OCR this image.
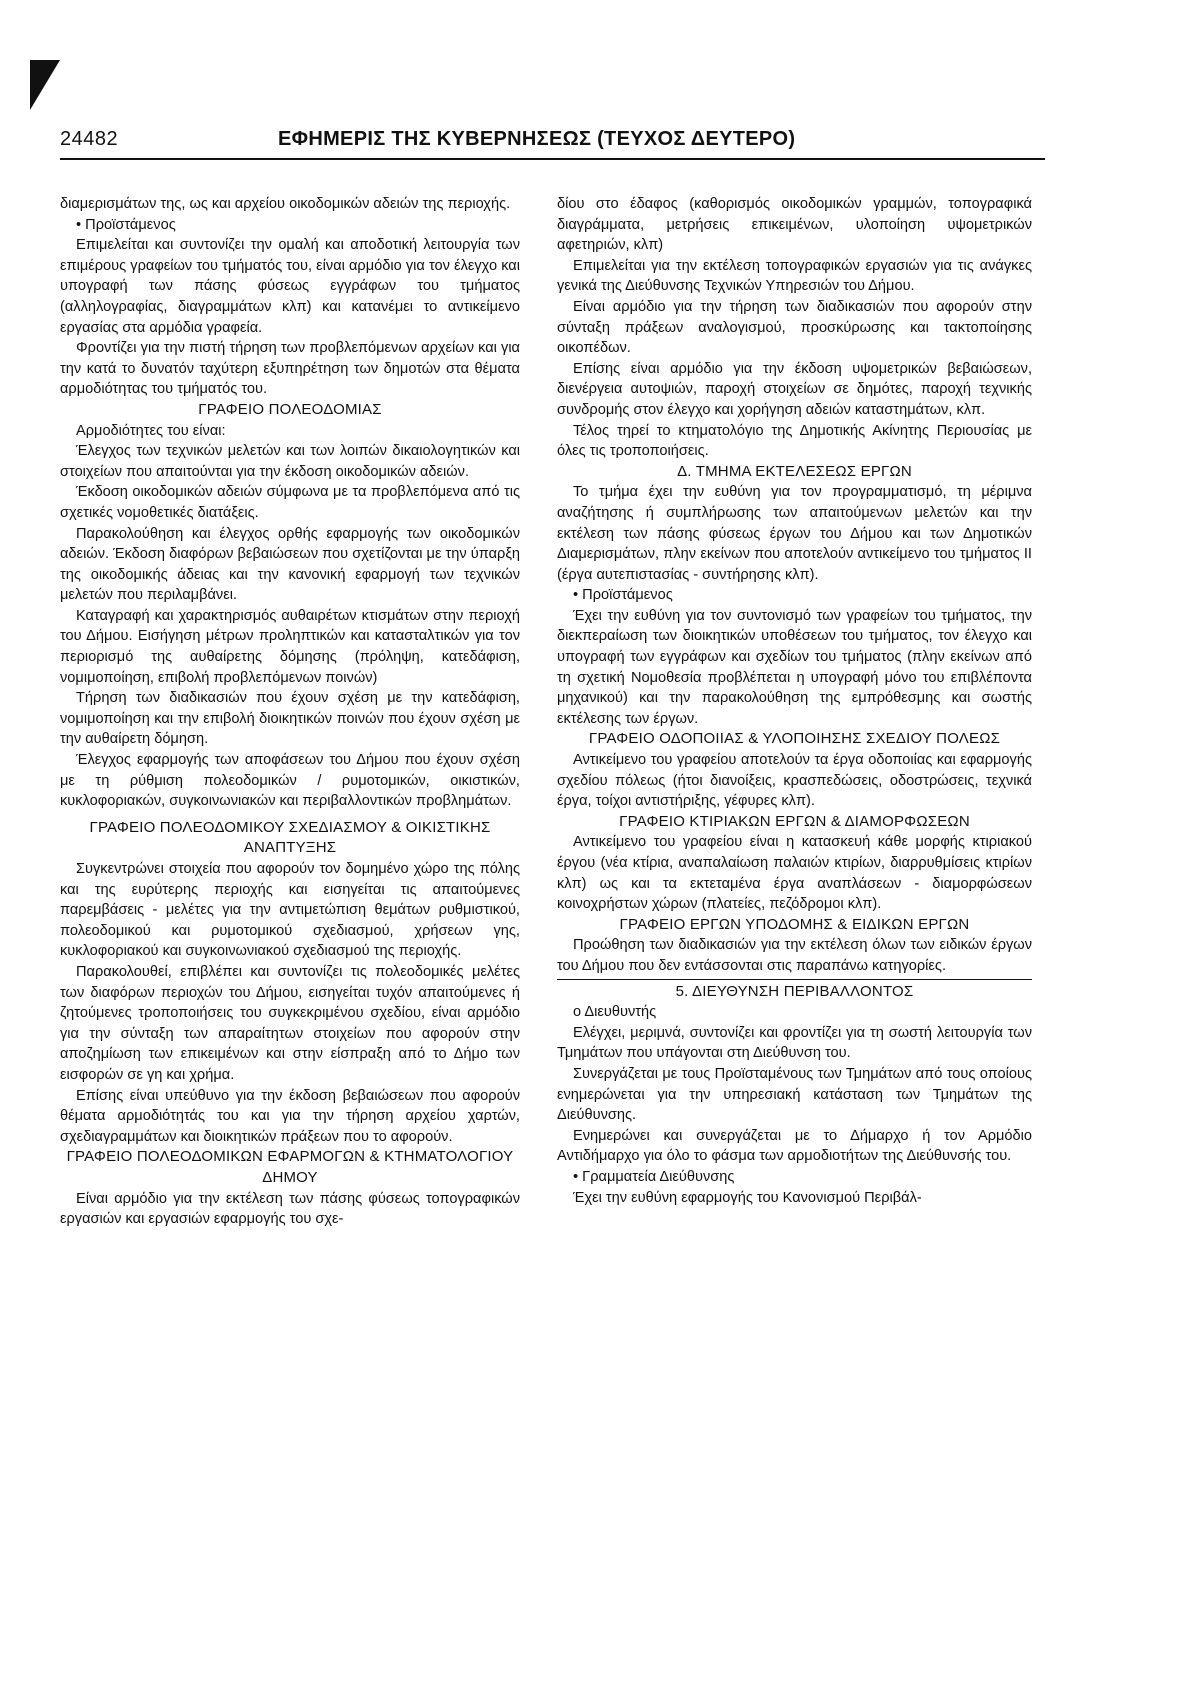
24482	ΕΦΗΜΕΡΙΣ ΤΗΣ ΚΥΒΕΡΝΗΣΕΩΣ (ΤΕΥΧΟΣ ΔΕΥΤΕΡΟ)

διαμερισμάτων της, ως και αρχείου οικοδομικών αδειών της περιοχής.

• Προϊστάμενος

Επιμελείται και συντονίζει την ομαλή και αποδοτική λειτουργία των επιμέρους γραφείων του τμήματός του, είναι αρμόδιο για τον έλεγχο και υπογραφή των πάσης φύσεως εγγράφων του τμήματος (αλληλογραφίας, διαγραμμάτων κλπ) και κατανέμει το αντικείμενο εργασίας στα αρμόδια γραφεία.

Φροντίζει για την πιστή τήρηση των προβλεπόμενων αρχείων και για την κατά το δυνατόν ταχύτερη εξυπηρέτηση των δημοτών στα θέματα αρμοδιότητας του τμήματός του.

ΓΡΑΦΕΙΟ ΠΟΛΕΟΔΟΜΙΑΣ

Αρμοδιότητες του είναι:

Έλεγχος των τεχνικών μελετών και των λοιπών δικαιολογητικών και στοιχείων που απαιτούνται για την έκδοση οικοδομικών αδειών.

Έκδοση οικοδομικών αδειών σύμφωνα με τα προβλεπόμενα από τις σχετικές νομοθετικές διατάξεις.

Παρακολούθηση και έλεγχος ορθής εφαρμογής των οικοδομικών αδειών. Έκδοση διαφόρων βεβαιώσεων που σχετίζονται με την ύπαρξη της οικοδομικής άδειας και την κανονική εφαρμογή των τεχνικών μελετών που περιλαμβάνει.

Καταγραφή και χαρακτηρισμός αυθαιρέτων κτισμάτων στην περιοχή του Δήμου. Εισήγηση μέτρων προληπτικών και κατασταλτικών για τον περιορισμό της αυθαίρετης δόμησης (πρόληψη, κατεδάφιση, νομιμοποίηση, επιβολή προβλεπόμενων ποινών)

Τήρηση των διαδικασιών που έχουν σχέση με την κατεδάφιση, νομιμοποίηση και την επιβολή διοικητικών ποινών που έχουν σχέση με την αυθαίρετη δόμηση.

Έλεγχος εφαρμογής των αποφάσεων του Δήμου που έχουν σχέση με τη ρύθμιση πολεοδομικών / ρυμοτομικών, οικιστικών, κυκλοφοριακών, συγκοινωνιακών και περιβαλλοντικών προβλημάτων.

ΓΡΑΦΕΙΟ ΠΟΛΕΟΔΟΜΙΚΟΥ ΣΧΕΔΙΑΣΜΟΥ & ΟΙΚΙΣΤΙΚΗΣ ΑΝΑΠΤΥΞΗΣ

Συγκεντρώνει στοιχεία που αφορούν τον δομημένο χώρο της πόλης και της ευρύτερης περιοχής και εισηγείται τις απαιτούμενες παρεμβάσεις - μελέτες για την αντιμετώπιση θεμάτων ρυθμιστικού, πολεοδομικού και ρυμοτομικού σχεδιασμού, χρήσεων γης, κυκλοφοριακού και συγκοινωνιακού σχεδιασμού της περιοχής.

Παρακολουθεί, επιβλέπει και συντονίζει τις πολεοδομικές μελέτες των διαφόρων περιοχών του Δήμου, εισηγείται τυχόν απαιτούμενες ή ζητούμενες τροποποιήσεις του συγκεκριμένου σχεδίου, είναι αρμόδιο για την σύνταξη των απαραίτητων στοιχείων που αφορούν στην αποζημίωση των επικειμένων και στην είσπραξη από το Δήμο των εισφορών σε γη και χρήμα.

Επίσης είναι υπεύθυνο για την έκδοση βεβαιώσεων που αφορούν θέματα αρμοδιότητάς του και για την τήρηση αρχείου χαρτών, σχεδιαγραμμάτων και διοικητικών πράξεων που το αφορούν.

ΓΡΑΦΕΙΟ ΠΟΛΕΟΔΟΜΙΚΩΝ ΕΦΑΡΜΟΓΩΝ & ΚΤΗΜΑΤΟΛΟΓΙΟΥ ΔΗΜΟΥ

Είναι αρμόδιο για την εκτέλεση των πάσης φύσεως τοπογραφικών εργασιών και εργασιών εφαρμογής του σχε-

δίου στο έδαφος (καθορισμός οικοδομικών γραμμών, τοπογραφικά διαγράμματα, μετρήσεις επικειμένων, υλοποίηση υψομετρικών αφετηριών, κλπ)

Επιμελείται για την εκτέλεση τοπογραφικών εργασιών για τις ανάγκες γενικά της Διεύθυνσης Τεχνικών Υπηρεσιών του Δήμου.

Είναι αρμόδιο για την τήρηση των διαδικασιών που αφορούν στην σύνταξη πράξεων αναλογισμού, προσκύρωσης και τακτοποίησης οικοπέδων.

Επίσης είναι αρμόδιο για την έκδοση υψομετρικών βεβαιώσεων, διενέργεια αυτοψιών, παροχή στοιχείων σε δημότες, παροχή τεχνικής συνδρομής στον έλεγχο και χορήγηση αδειών καταστημάτων, κλπ.

Τέλος τηρεί το κτηματολόγιο της Δημοτικής Ακίνητης Περιουσίας με όλες τις τροποποιήσεις.

Δ. ΤΜΗΜΑ ΕΚΤΕΛΕΣΕΩΣ ΕΡΓΩΝ

Το τμήμα έχει την ευθύνη για τον προγραμματισμό, τη μέριμνα αναζήτησης ή συμπλήρωσης των απαιτούμενων μελετών και την εκτέλεση των πάσης φύσεως έργων του Δήμου και των Δημοτικών Διαμερισμάτων, πλην εκείνων που αποτελούν αντικείμενο του τμήματος ΙΙ (έργα αυτεπιστασίας - συντήρησης κλπ).

• Προϊστάμενος

Έχει την ευθύνη για τον συντονισμό των γραφείων του τμήματος, την διεκπεραίωση των διοικητικών υποθέσεων του τμήματος, τον έλεγχο και υπογραφή των εγγράφων και σχεδίων του τμήματος (πλην εκείνων από τη σχετική Νομοθεσία προβλέπεται η υπογραφή μόνο του επιβλέποντα μηχανικού) και την παρακολούθηση της εμπρόθεσμης και σωστής εκτέλεσης των έργων.

ΓΡΑΦΕΙΟ ΟΔΟΠΟΙΙΑΣ & ΥΛΟΠΟΙΗΣΗΣ ΣΧΕΔΙΟΥ ΠΟΛΕΩΣ

Αντικείμενο του γραφείου αποτελούν τα έργα οδοποιίας και εφαρμογής σχεδίου πόλεως (ήτοι διανοίξεις, κρασπεδώσεις, οδοστρώσεις, τεχνικά έργα, τοίχοι αντιστήριξης, γέφυρες κλπ).

ΓΡΑΦΕΙΟ ΚΤΙΡΙΑΚΩΝ ΕΡΓΩΝ & ΔΙΑΜΟΡΦΩΣΕΩΝ

Αντικείμενο του γραφείου είναι η κατασκευή κάθε μορφής κτιριακού έργου (νέα κτίρια, αναπαλαίωση παλαιών κτιρίων, διαρρυθμίσεις κτιρίων κλπ) ως και τα εκτεταμένα έργα αναπλάσεων - διαμορφώσεων κοινοχρήστων χώρων (πλατείες, πεζόδρομοι κλπ).

ΓΡΑΦΕΙΟ ΕΡΓΩΝ ΥΠΟΔΟΜΗΣ & ΕΙΔΙΚΩΝ ΕΡΓΩΝ

Προώθηση των διαδικασιών για την εκτέλεση όλων των ειδικών έργων του Δήμου που δεν εντάσσονται στις παραπάνω κατηγορίες.

5. ΔΙΕΥΘΥΝΣΗ ΠΕΡΙΒΑΛΛΟΝΤΟΣ

ο Διευθυντής

Ελέγχει, μεριμνά, συντονίζει και φροντίζει για τη σωστή λειτουργία των Τμημάτων που υπάγονται στη Διεύθυνση του.

Συνεργάζεται με τους Προϊσταμένους των Τμημάτων από τους οποίους ενημερώνεται για την υπηρεσιακή κατάσταση των Τμημάτων της Διεύθυνσης.

Ενημερώνει και συνεργάζεται με το Δήμαρχο ή τον Αρμόδιο Αντιδήμαρχο για όλο το φάσμα των αρμοδιοτήτων της Διεύθυνσής του.

• Γραμματεία Διεύθυνσης

Έχει την ευθύνη εφαρμογής του Κανονισμού Περιβάλ-
